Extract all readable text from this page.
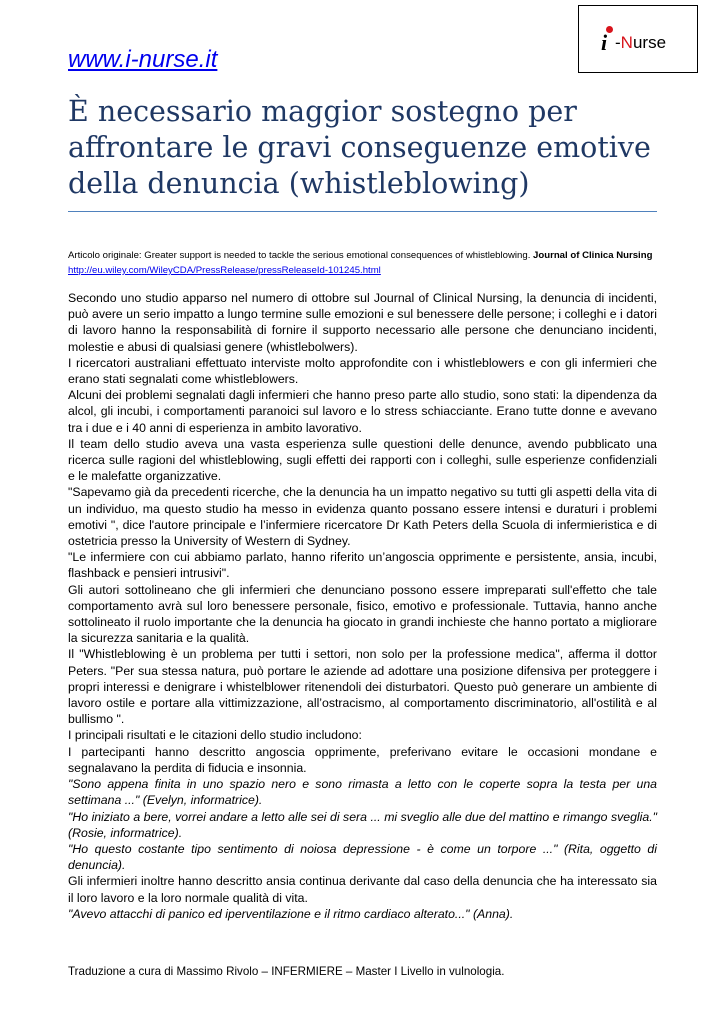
www.i-nurse.it
i -Nurse
È necessario maggior sostegno per affrontare le gravi conseguenze emotive della denuncia (whistleblowing)
Articolo originale: Greater support is needed to tackle the serious emotional consequences of whistleblowing. Journal of Clinica Nursing http://eu.wiley.com/WileyCDA/PressRelease/pressReleaseId-101245.html

Secondo uno studio apparso nel numero di ottobre sul Journal of Clinical Nursing, la denuncia di incidenti, può avere un serio impatto a lungo termine sulle emozioni e sul benessere delle persone; i colleghi e i datori di lavoro hanno la responsabilità di fornire il supporto necessario alle persone che denunciano incidenti, molestie e abusi di qualsiasi genere (whistlebolwers).

I ricercatori australiani effettuato interviste molto approfondite con i whistleblowers e con gli infermieri che erano stati segnalati come whistleblowers.

Alcuni dei problemi segnalati dagli infermieri che hanno preso parte allo studio, sono stati: la dipendenza da alcol, gli incubi, i comportamenti paranoici sul lavoro e lo stress schiacciante. Erano tutte donne e avevano tra i due e i 40 anni di esperienza in ambito lavorativo.

Il team dello studio aveva una vasta esperienza sulle questioni delle denunce, avendo pubblicato una ricerca sulle ragioni del whistleblowing, sugli effetti dei rapporti con i colleghi, sulle esperienze confidenziali e le malefatte organizzative.

"Sapevamo già da precedenti ricerche, che la denuncia ha un impatto negativo su tutti gli aspetti della vita di un individuo, ma questo studio ha messo in evidenza quanto possano essere intensi e duraturi i problemi emotivi ", dice l'autore principale e l’infermiere ricercatore Dr Kath Peters della Scuola di infermieristica e di ostetricia presso la University of Western di Sydney.

"Le infermiere con cui abbiamo parlato, hanno riferito un’angoscia opprimente e persistente, ansia, incubi, flashback e pensieri intrusivi".

Gli autori sottolineano che gli infermieri che denunciano possono essere impreparati sull'effetto che tale comportamento avrà sul loro benessere personale, fisico, emotivo e professionale. Tuttavia, hanno anche sottolineato il ruolo importante che la denuncia ha giocato in grandi inchieste che hanno portato a migliorare la sicurezza sanitaria e la qualità.

Il "Whistleblowing è un problema per tutti i settori, non solo per la professione medica", afferma il dottor Peters. "Per sua stessa natura, può portare le aziende ad adottare una posizione difensiva per proteggere i propri interessi e denigrare i whistelblower ritenendoli dei disturbatori. Questo può generare un ambiente di lavoro ostile e portare alla vittimizzazione, all’ostracismo, al comportamento discriminatorio, all'ostilità e al bullismo ".

I principali risultati e le citazioni dello studio includono:

I partecipanti hanno descritto angoscia opprimente, preferivano evitare le occasioni mondane e segnalavano la perdita di fiducia e insonnia.

"Sono appena finita in uno spazio nero e sono rimasta a letto con le coperte sopra la testa per una settimana ..." (Evelyn, informatrice).

"Ho iniziato a bere, vorrei andare a letto alle sei di sera ... mi sveglio alle due del mattino e rimango sveglia." (Rosie, informatrice).

"Ho questo costante tipo sentimento di noiosa depressione - è come un torpore ..." (Rita, oggetto di denuncia).

Gli infermieri inoltre hanno descritto ansia continua derivante dal caso della denuncia che ha interessato sia il loro lavoro e la loro normale qualità di vita.

"Avevo attacchi di panico ed iperventilazione e il ritmo cardiaco alterato..." (Anna).

Traduzione a cura di Massimo Rivolo – INFERMIERE – Master I Livello in vulnologia.
